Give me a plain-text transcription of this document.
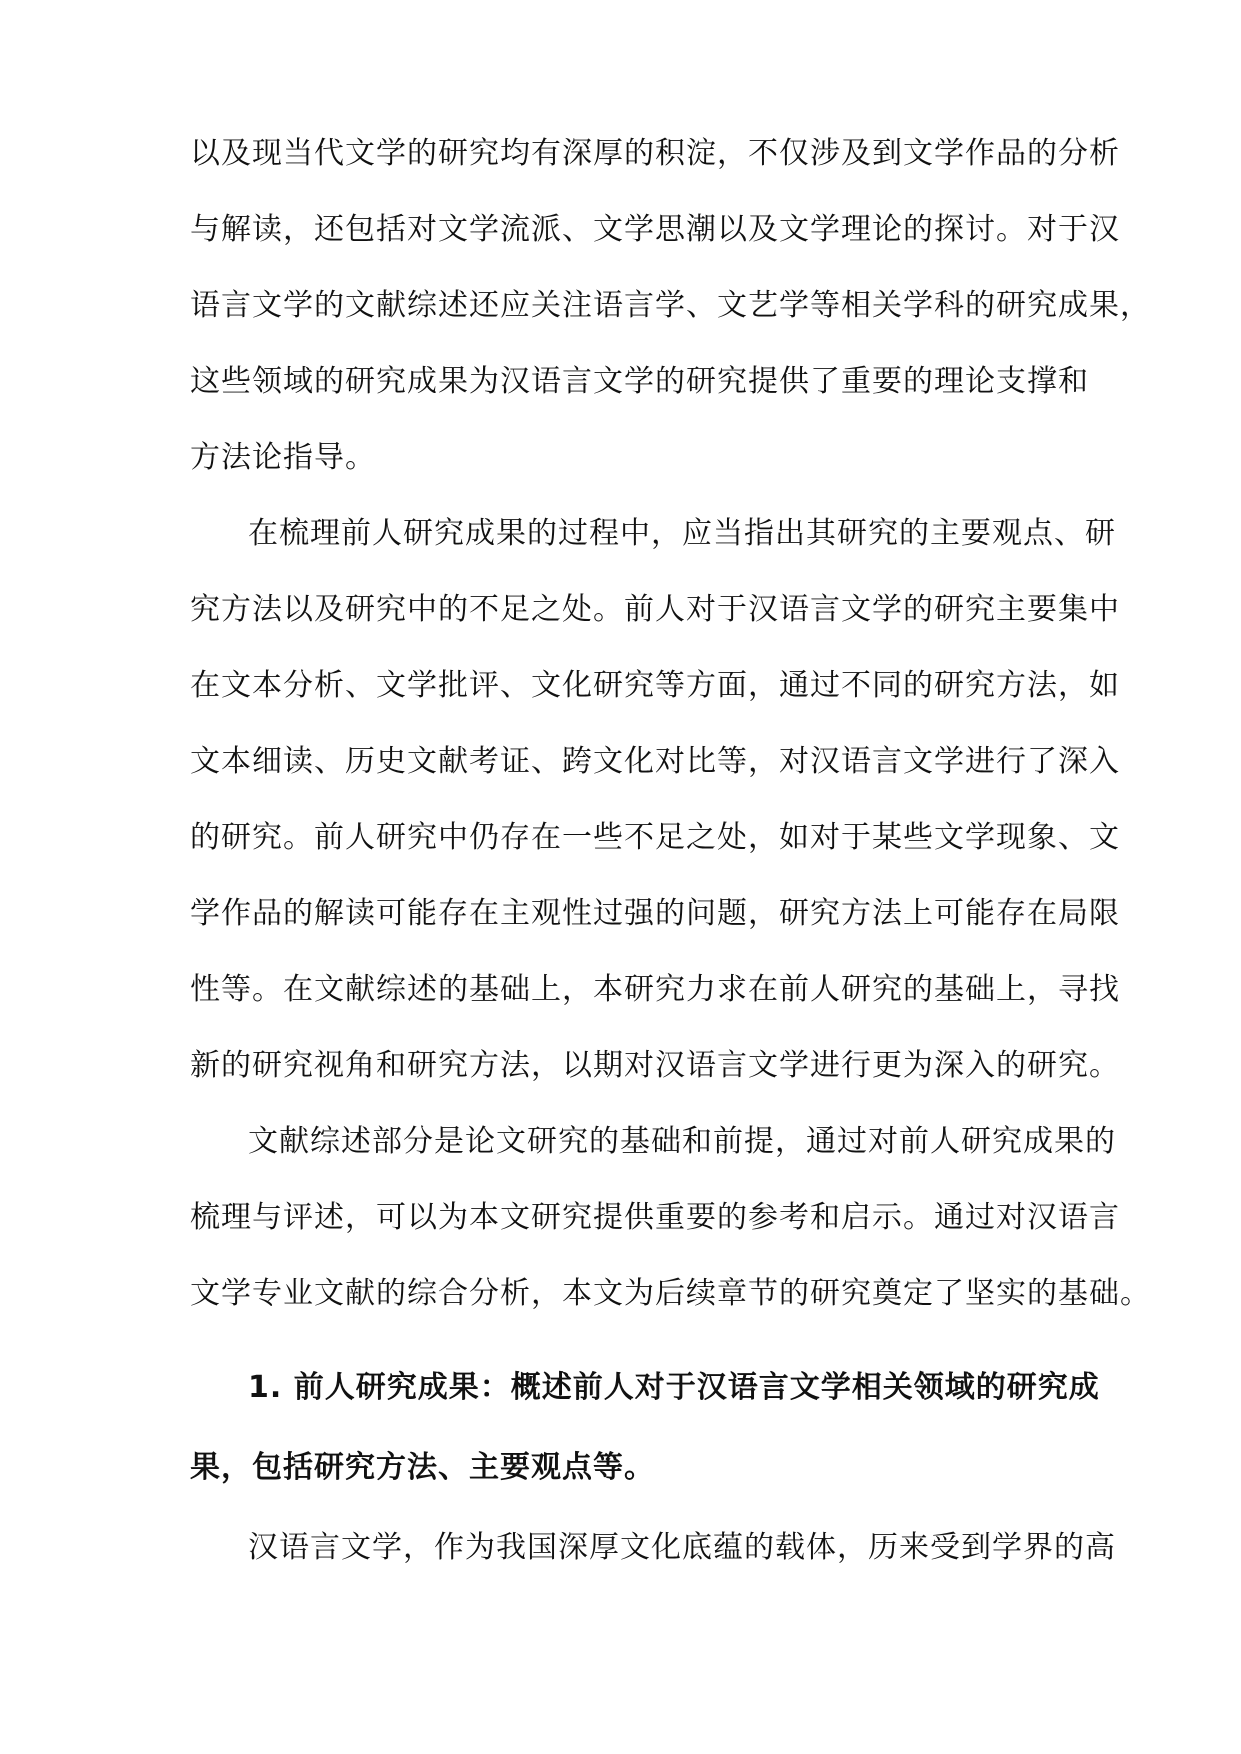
以及现当代文学的研究均有深厚的积淀，不仅涉及到文学作品的分析
与解读，还包括对文学流派、文学思潮以及文学理论的探讨。对于汉
语言文学的文献综述还应关注语言学、文艺学等相关学科的研究成果，
这些领域的研究成果为汉语言文学的研究提供了重要的理论支撑和
方法论指导。
在梳理前人研究成果的过程中，应当指出其研究的主要观点、研
究方法以及研究中的不足之处。前人对于汉语言文学的研究主要集中
在文本分析、文学批评、文化研究等方面，通过不同的研究方法，如
文本细读、历史文献考证、跨文化对比等，对汉语言文学进行了深入
的研究。前人研究中仍存在一些不足之处，如对于某些文学现象、文
学作品的解读可能存在主观性过强的问题，研究方法上可能存在局限
性等。在文献综述的基础上，本研究力求在前人研究的基础上，寻找
新的研究视角和研究方法，以期对汉语言文学进行更为深入的研究。
文献综述部分是论文研究的基础和前提，通过对前人研究成果的
梳理与评述，可以为本文研究提供重要的参考和启示。通过对汉语言
文学专业文献的综合分析，本文为后续章节的研究奠定了坚实的基础。
1. 前人研究成果：概述前人对于汉语言文学相关领域的研究成
果，包括研究方法、主要观点等。
汉语言文学，作为我国深厚文化底蕴的载体，历来受到学界的高
